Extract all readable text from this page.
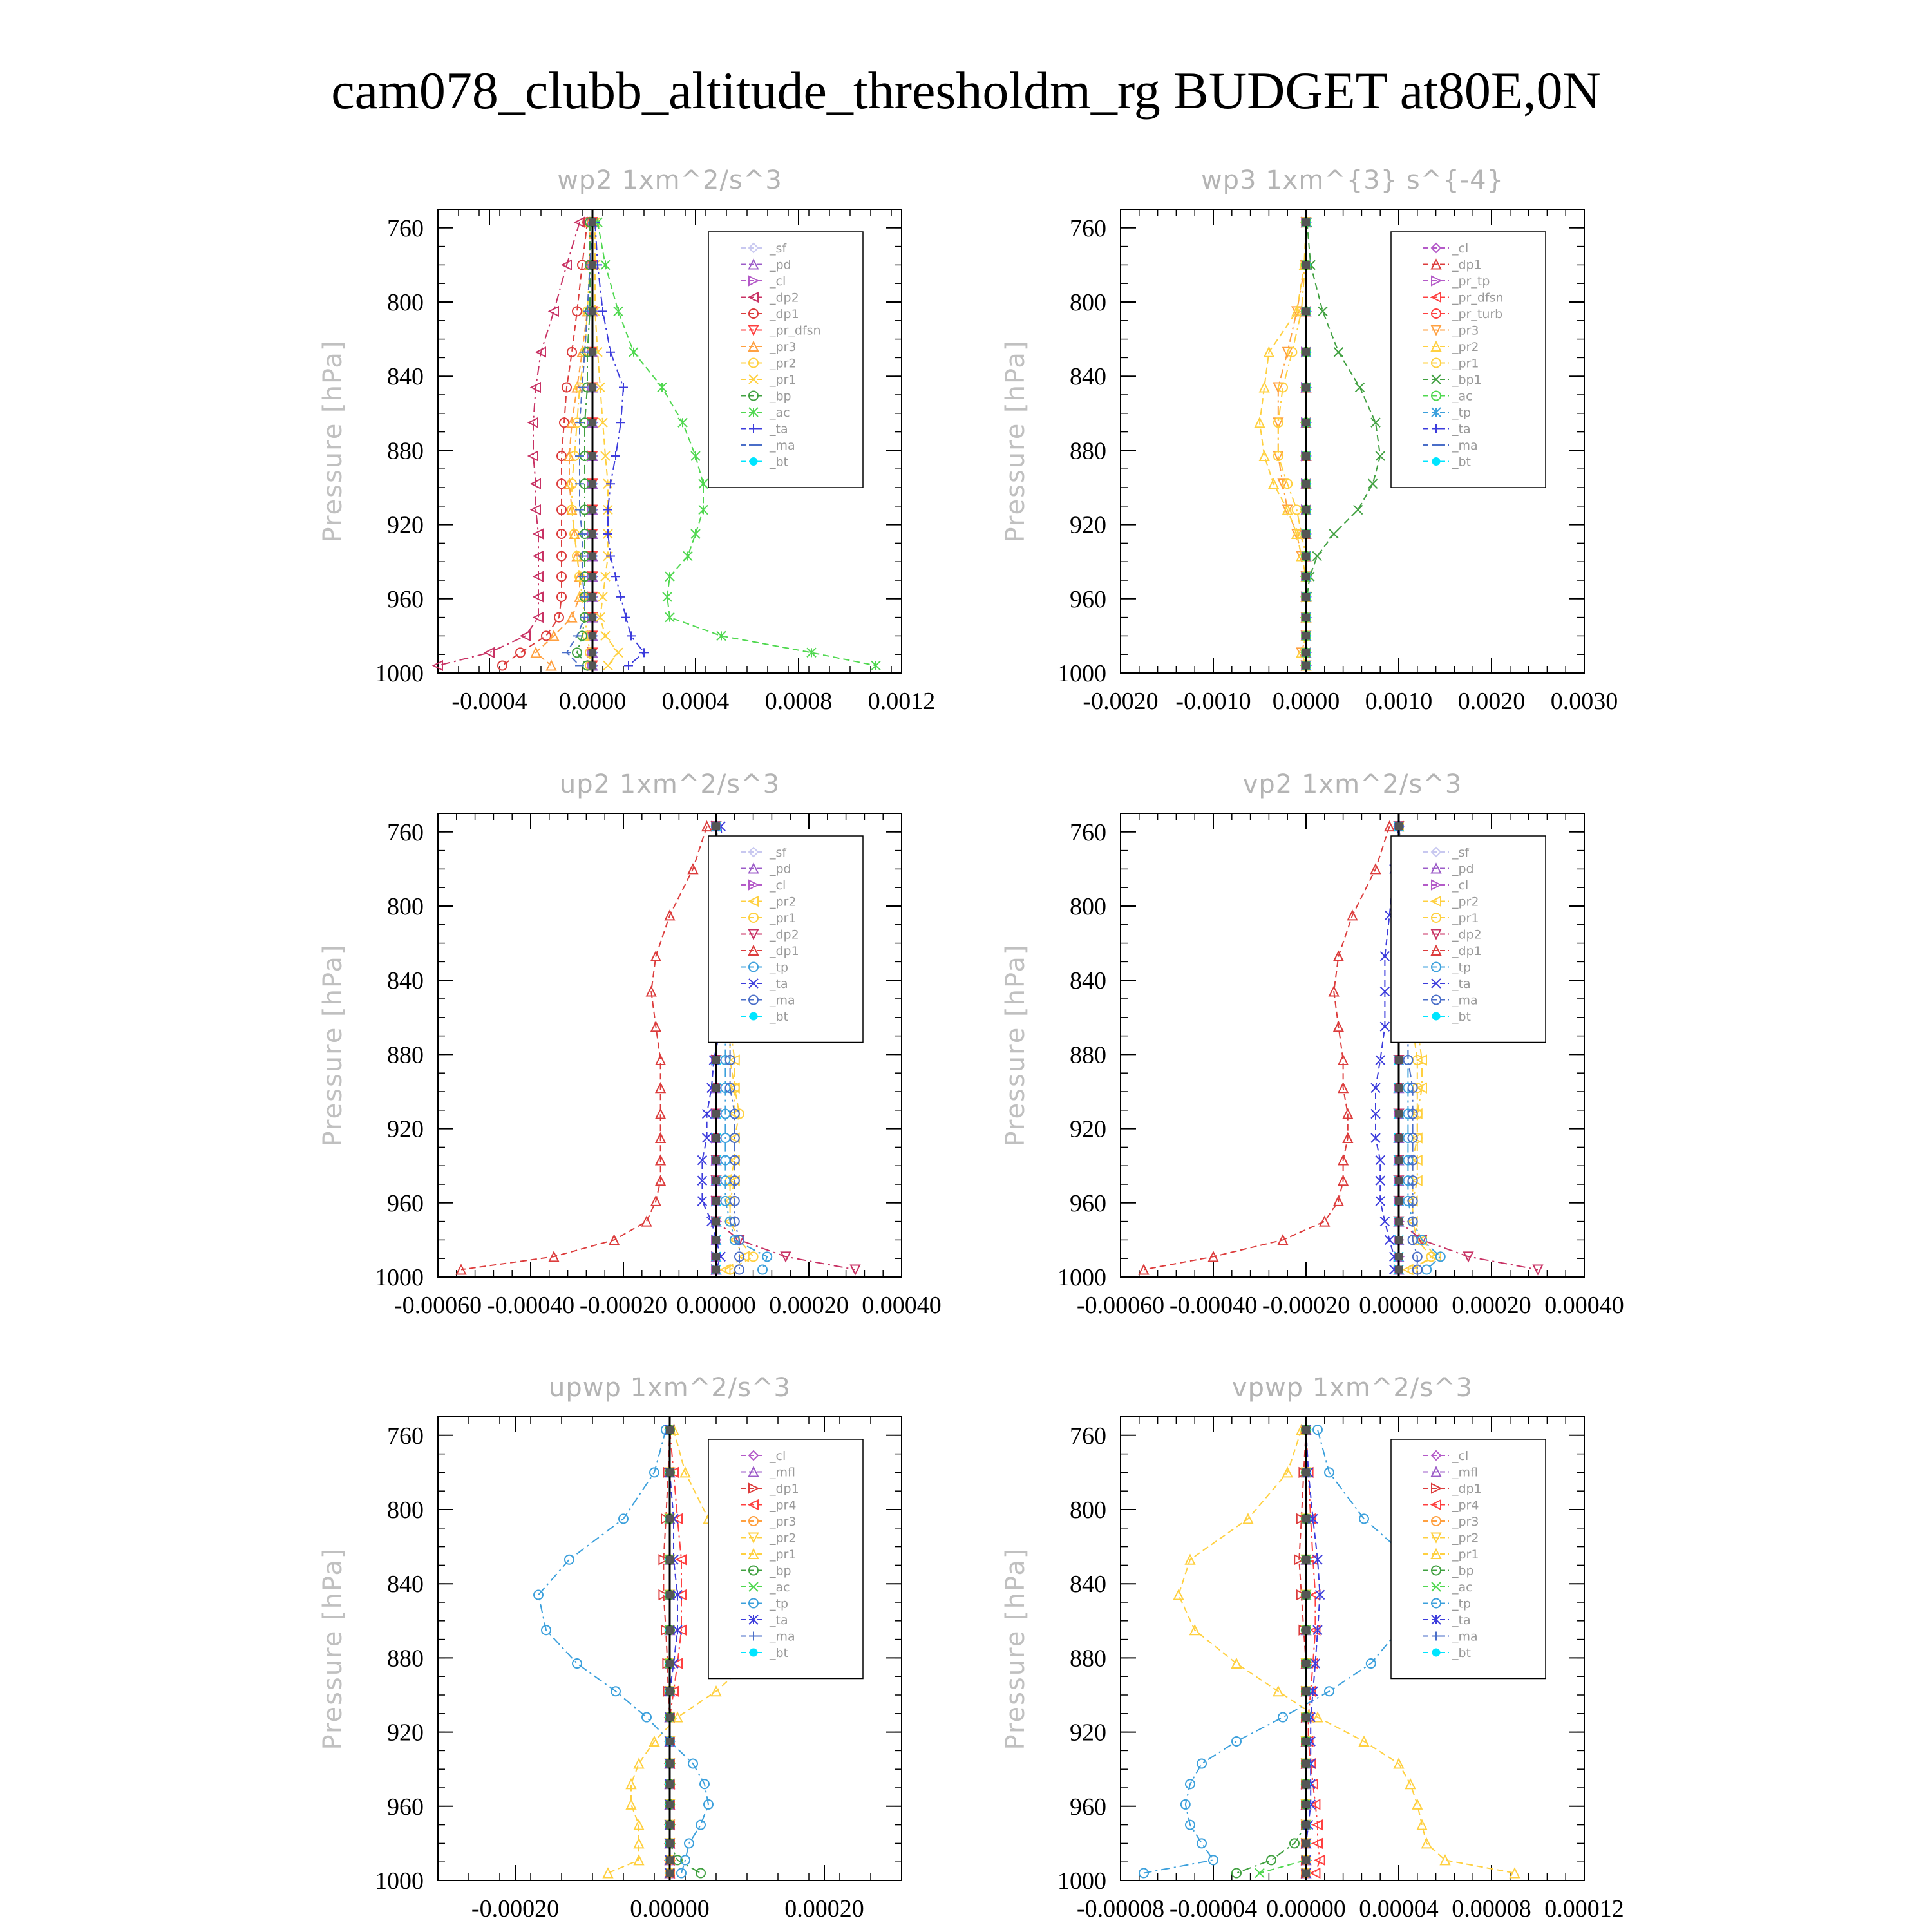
cam078_clubb_altitude_thresholdm_rg BUDGET at80E,0N
wp2 1xm^2/s^3
Pressure [hPa]
760
800
840
880
920
960
1000
-0.0004 0.0000 0.0004 0.0008 0.0012
_sf
_pd
_cl
_dp2
_dp1
_pr_dfsn
_pr3
_pr2
_pr1
_bp
_ac
_ta
_ma
_bt
wp3 1xm^{3} s^{-4}
Pressure [hPa]
760
800
840
880
920
960
1000
-0.0020 -0.0010 0.0000 0.0010 0.0020 0.0030
_cl
_dp1
_pr_tp
_pr_dfsn
_pr_turb
_pr3
_pr2
_pr1
_bp1
_ac
_tp
_ta
_ma
_bt
up2 1xm^2/s^3
Pressure [hPa]
760
800
840
880
920
960
1000
-0.00060 -0.00040 -0.00020 0.00000 0.00020 0.00040
_sf
_pd
_cl
_pr2
_pr1
_dp2
_dp1
_tp
_ta
_ma
_bt
vp2 1xm^2/s^3
Pressure [hPa]
760
800
840
880
920
960
1000
-0.00060 -0.00040 -0.00020 0.00000 0.00020 0.00040
_sf
_pd
_cl
_pr2
_pr1
_dp2
_dp1
_tp
_ta
_ma
_bt
upwp 1xm^2/s^3
Pressure [hPa]
760
800
840
880
920
960
1000
-0.00020	0.00000	0.00020
_cl
_mfl
_dp1
_pr4
_pr3
_pr2
_pr1
_bp
_ac
_tp
_ta
_ma
_bt
vpwp 1xm^2/s^3
Pressure [hPa]
760
800
840
880
920
960
1000
-0.00008 -0.00004 0.00000 0.00004 0.00008 0.00012
_cl
_mfl
_dp1
_pr4
_pr3
_pr2
_pr1
_bp
_ac
_tp
_ta
_ma
_bt
